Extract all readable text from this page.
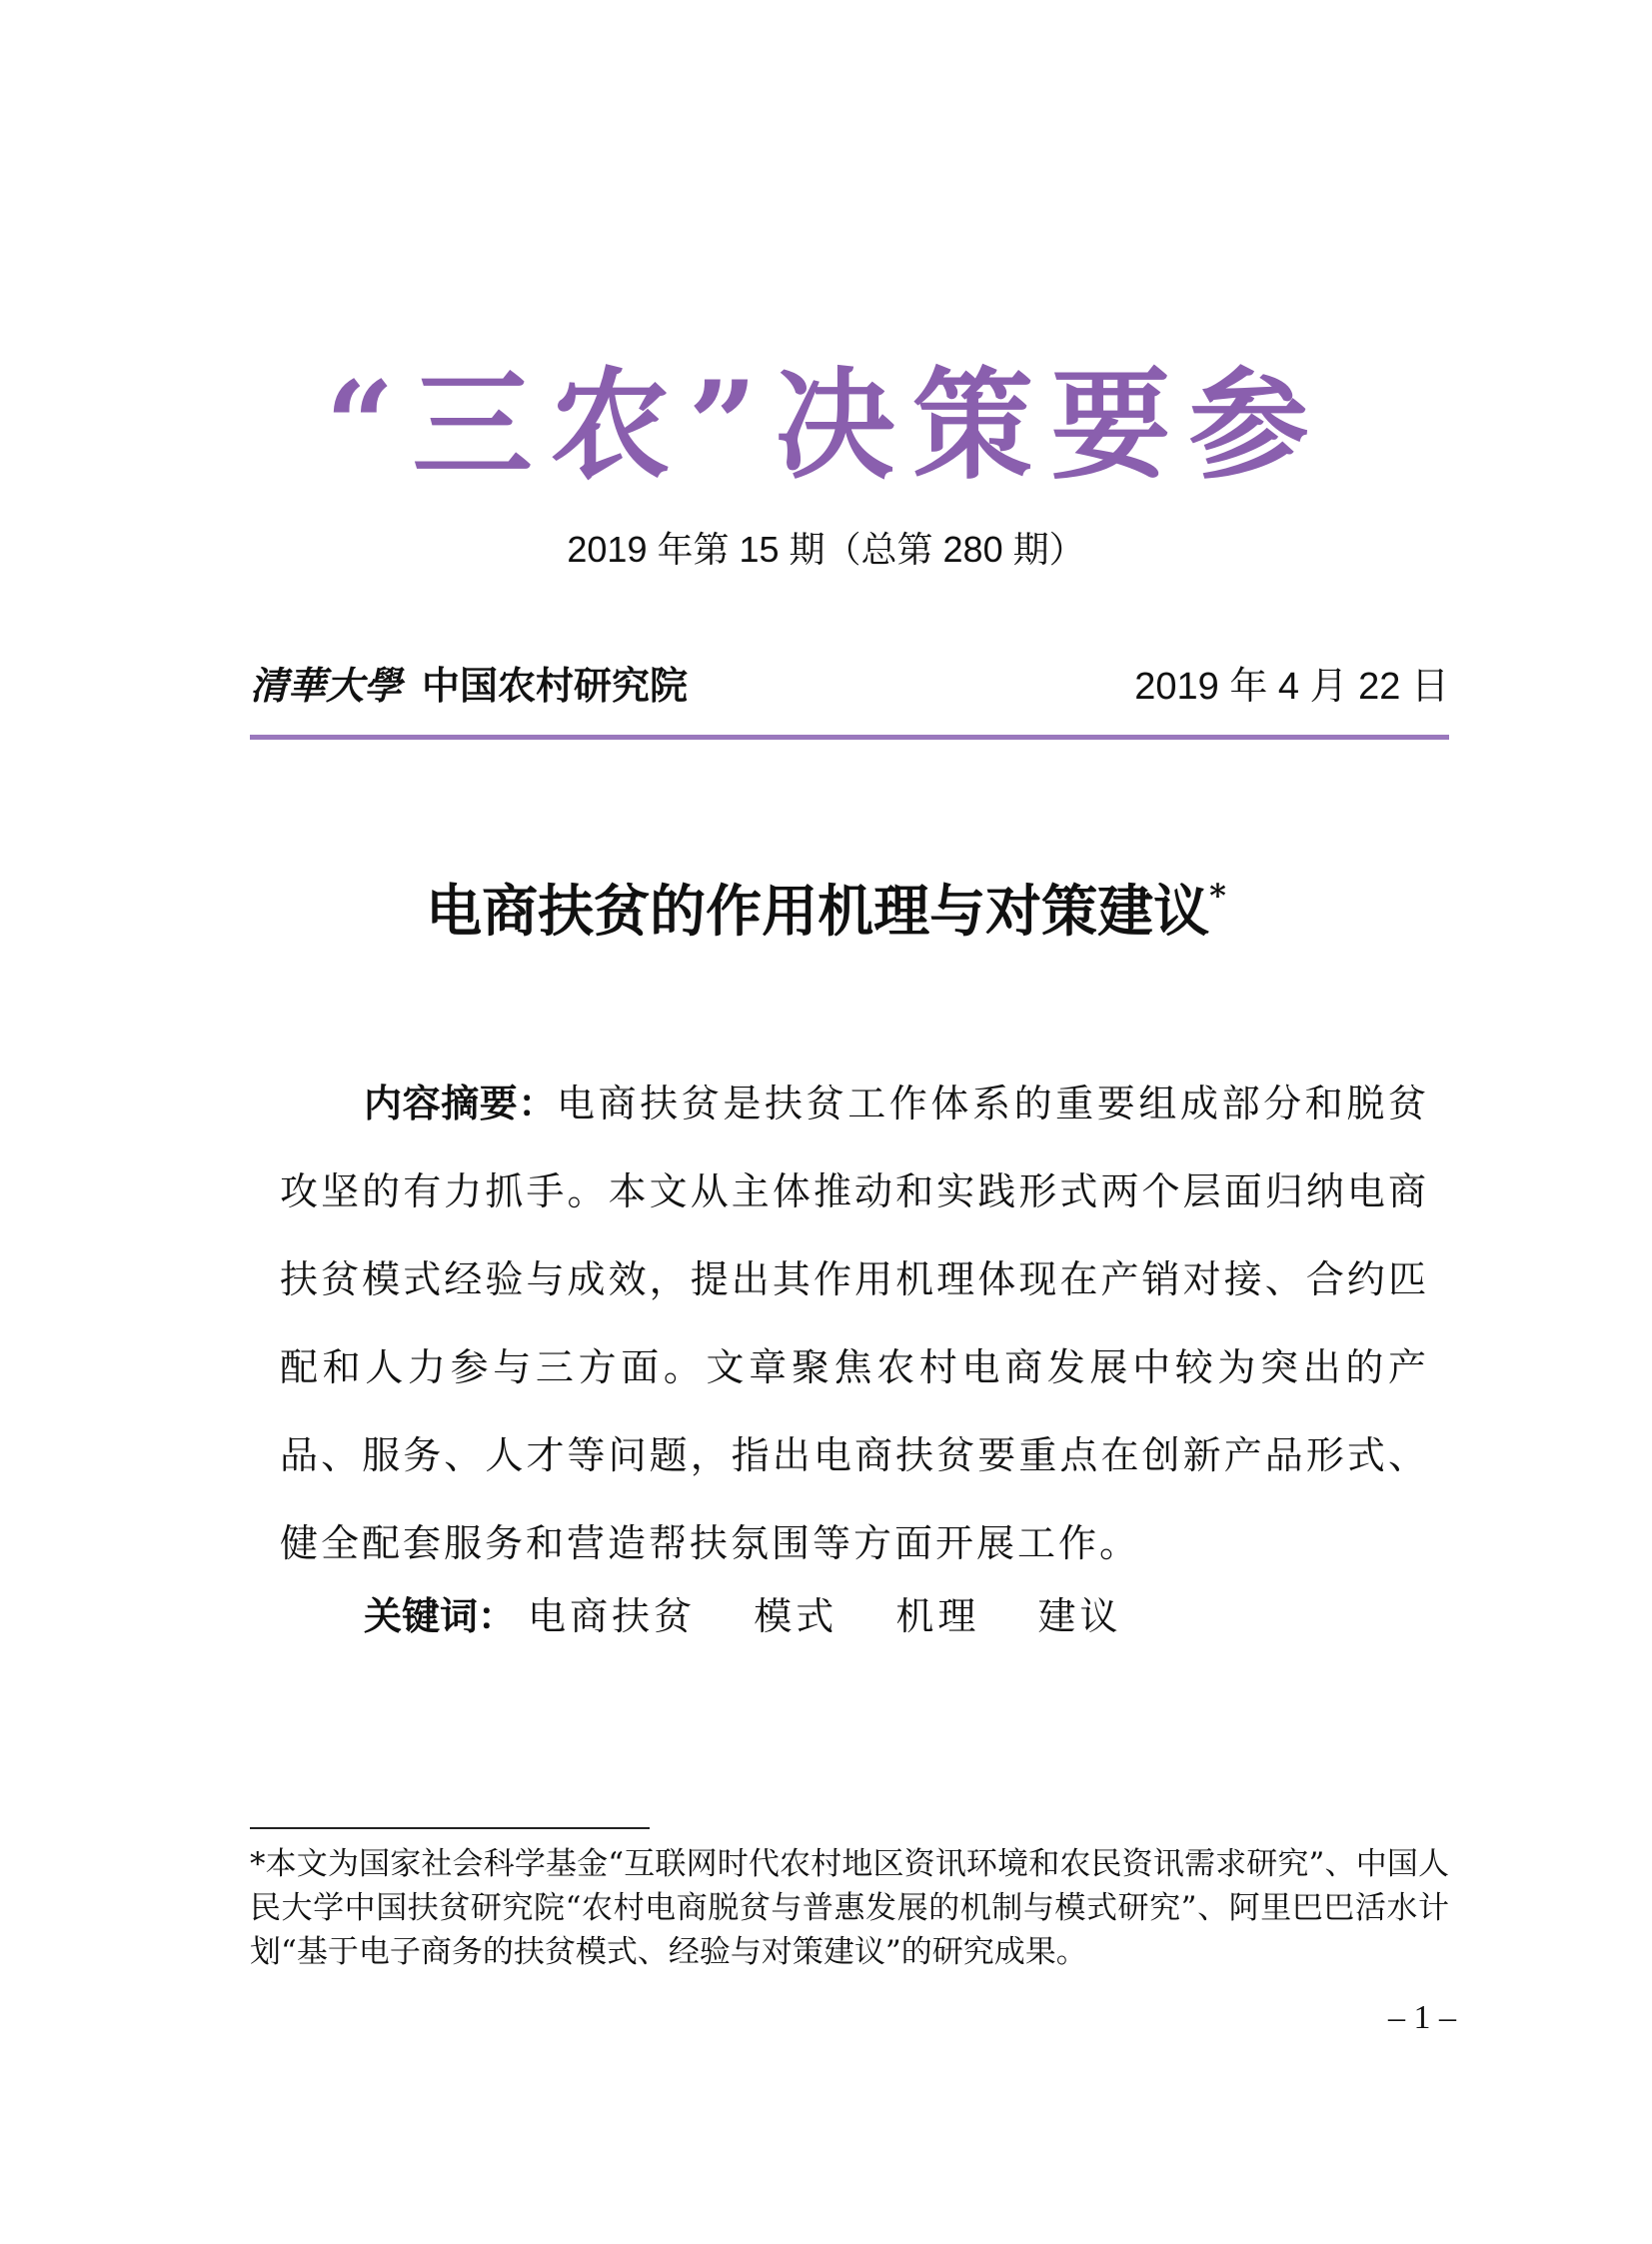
“三农”决策要参
2019 年第 15 期（总第 280 期）
清華大學 中国农村研究院	2019 年 4 月 22 日
电商扶贫的作用机理与对策建议*

内容摘要：电商扶贫是扶贫工作体系的重要组成部分和脱贫攻坚的有力抓手。本文从主体推动和实践形式两个层面归纳电商扶贫模式经验与成效，提出其作用机理体现在产销对接、合约匹配和人力参与三方面。文章聚焦农村电商发展中较为突出的产品、服务、人才等问题，指出电商扶贫要重点在创新产品形式、健全配套服务和营造帮扶氛围等方面开展工作。

关键词： 电商扶贫 模式 机理 建议

*本文为国家社会科学基金“互联网时代农村地区资讯环境和农民资讯需求研究”、中国人民大学中国扶贫研究院“农村电商脱贫与普惠发展的机制与模式研究”、阿里巴巴活水计划“基于电子商务的扶贫模式、经验与对策建议”的研究成果。

– 1 –
